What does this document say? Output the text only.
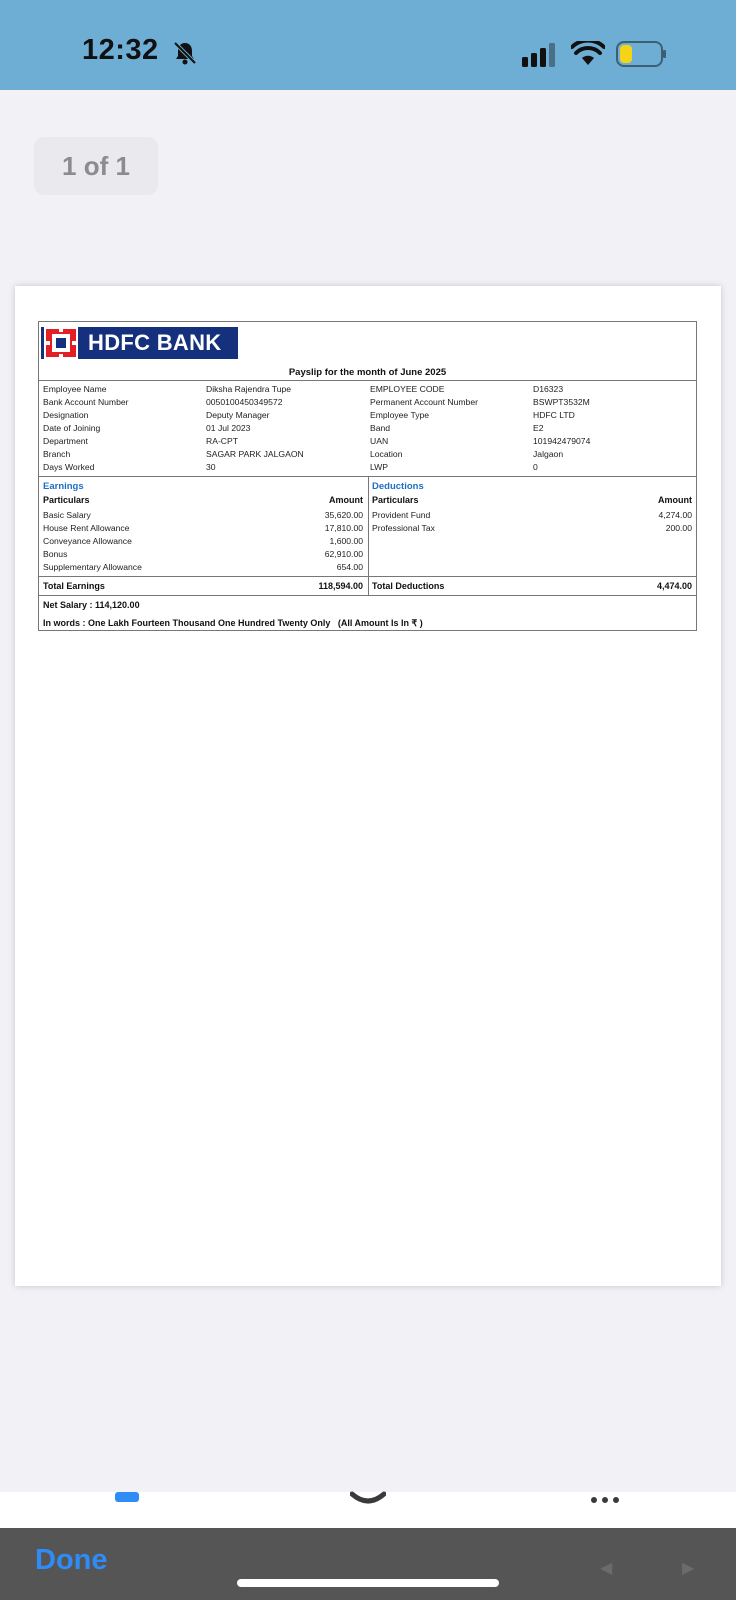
12:32
1 of 1
HDFC BANK
Payslip for the month of June 2025
Employee Name	Diksha Rajendra Tupe	EMPLOYEE CODE	D16323
Bank Account Number	0050100450349572	Permanent Account Number	BSWPT3532M
Designation	Deputy Manager	Employee Type	HDFC LTD
Date of Joining	01 Jul 2023	Band	E2
Department	RA-CPT	UAN	101942479074
Branch	SAGAR PARK JALGAON	Location	Jalgaon
Days Worked	30	LWP	0
Earnings	Deductions
Particulars	Amount Particulars	Amount
Basic Salary	35,620.00
House Rent Allowance	17,810.00
Conveyance Allowance	1,600.00
Bonus	62,910.00
Supplementary Allowance	654.00
Provident Fund	4,274.00
Professional Tax	200.00
Total Earnings	118,594.00 Total Deductions	4,474.00
Net Salary : 114,120.00
In words : One Lakh Fourteen Thousand One Hundred Twenty Only   (All Amount Is In ₹ )
Done	◀	▶
